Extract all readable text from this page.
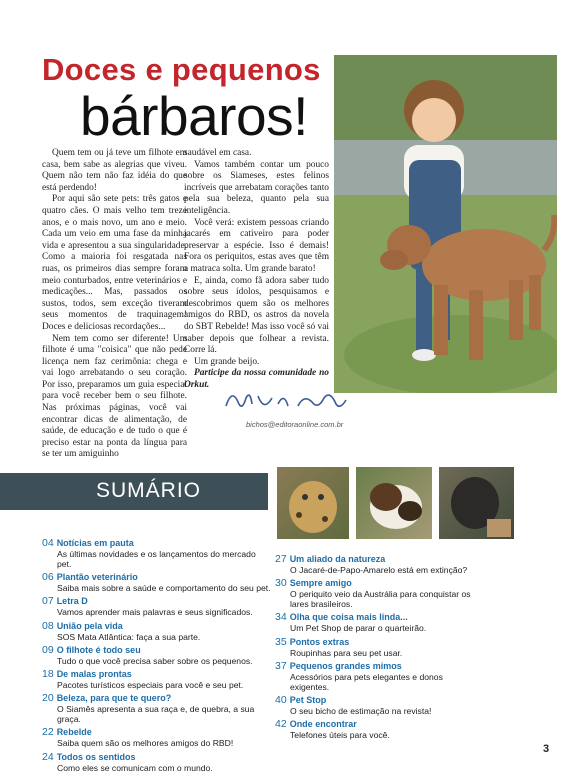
Doces e pequenos
bárbaros!

Quem tem ou já teve um filhote em casa, bem sabe as alegrias que viveu. Quem não tem não faz idéia do que está perdendo!

Por aqui são sete pets: três gatos e quatro cães. O mais velho tem treze anos, e o mais novo, um ano e meio. Cada um veio em uma fase da minha vida e apresentou a sua singularidade. Como a maioria foi resgatada nas ruas, os primeiros dias sempre foram meio conturbados, entre veterinários e medicações... Mas, passados os sustos, todos, sem exceção tiveram seus momentos de traquinagem! Doces e deliciosas recordações...

Nem tem como ser diferente! Um filhote é uma "coisica" que não pede licença nem faz cerimônia: chega e vai logo arrebatando o seu coração. Por isso, preparamos um guia especial para você receber bem o seu filhote. Nas próximas páginas, você vai encontrar dicas de alimentação, de saúde, de educação e de tudo o que é preciso estar na ponta da língua para se ter um amiguinho

saudável em casa.

Vamos também contar um pouco sobre os Siameses, estes felinos incríveis que arrebatam corações tanto pela sua beleza, quanto pela sua inteligência.

Você verá: existem pessoas criando jacarés em cativeiro para poder preservar a espécie. Isso é demais! Fora os periquitos, estas aves que têm a matraca solta. Um grande barato!

E, ainda, como fã adora saber tudo sobre seus ídolos, pesquisamos e descobrimos quem são os melhores amigos do RBD, os astros da novela do SBT Rebelde! Mas isso você só vai saber depois que folhear a revista. Corre lá.

Um grande beijo.

Participe da nossa comunidade no Orkut.

bichos@editoraonline.com.br
SUMÁRIO
04 Notícias em pauta
As últimas novidades e os lançamentos do mercado pet.
06 Plantão veterinário
Saiba mais sobre a saúde e comportamento do seu pet.
07 Letra D
Vamos aprender mais palavras e seus significados.
08 União pela vida
SOS Mata Atlântica: faça a sua parte.
09 O filhote é todo seu
Tudo o que você precisa saber sobre os pequenos.
18 De malas prontas
Pacotes turísticos especiais para você e seu pet.
20 Beleza, para que te quero?
O Siamês apresenta a sua raça e, de quebra, a sua graça.
22 Rebelde
Saiba quem são os melhores amigos do RBD!
24 Todos os sentidos
Como eles se comunicam com o mundo.
27 Um aliado da natureza
O Jacaré-de-Papo-Amarelo está em extinção?
30 Sempre amigo
O periquito veio da Austrália para conquistar os lares brasileiros.
34 Olha que coisa mais linda...
Um Pet Shop de parar o quarteirão.
35 Pontos extras
Roupinhas para seu pet usar.
37 Pequenos grandes mimos
Acessórios para pets elegantes e donos exigentes.
40 Pet Stop
O seu bicho de estimação na revista!
42 Onde encontrar
Telefones úteis para você.
3
